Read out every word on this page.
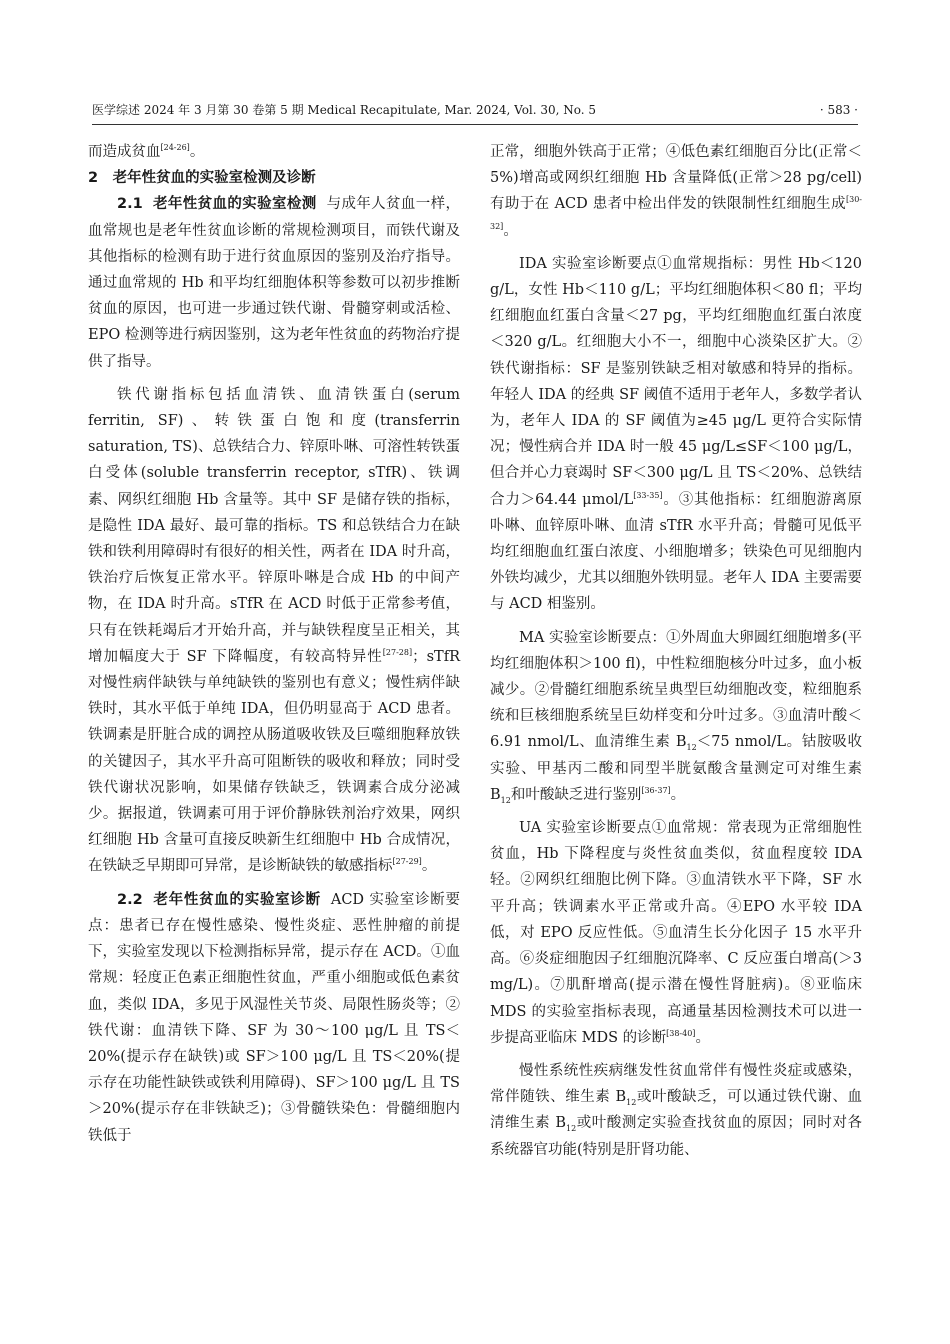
医学综述 2024 年 3 月第 30 卷第 5 期 Medical Recapitulate, Mar. 2024, Vol. 30, No. 5	· 583 ·

而造成贫血[24-26]。

2　老年性贫血的实验室检测及诊断

2.1 老年性贫血的实验室检测 与成年人贫血一样，血常规也是老年性贫血诊断的常规检测项目，而铁代谢及其他指标的检测有助于进行贫血原因的鉴别及治疗指导。通过血常规的 Hb 和平均红细胞体积等参数可以初步推断贫血的原因，也可进一步通过铁代谢、骨髓穿刺或活检、EPO 检测等进行病因鉴别，这为老年性贫血的药物治疗提供了指导。

铁代谢指标包括血清铁、血清铁蛋白(serum ferritin, SF)、转铁蛋白饱和度(transferrin saturation, TS)、总铁结合力、锌原卟啉、可溶性转铁蛋白受体(soluble transferrin receptor, sTfR)、铁调素、网织红细胞 Hb 含量等。其中 SF 是储存铁的指标，是隐性 IDA 最好、最可靠的指标。TS 和总铁结合力在缺铁和铁利用障碍时有很好的相关性，两者在 IDA 时升高，铁治疗后恢复正常水平。锌原卟啉是合成 Hb 的中间产物，在 IDA 时升高。sTfR 在 ACD 时低于正常参考值，只有在铁耗竭后才开始升高，并与缺铁程度呈正相关，其增加幅度大于 SF 下降幅度，有较高特异性[27-28]；sTfR 对慢性病伴缺铁与单纯缺铁的鉴别也有意义；慢性病伴缺铁时，其水平低于单纯 IDA，但仍明显高于 ACD 患者。铁调素是肝脏合成的调控从肠道吸收铁及巨噬细胞释放铁的关键因子，其水平升高可阻断铁的吸收和释放；同时受铁代谢状况影响，如果储存铁缺乏，铁调素合成分泌减少。据报道，铁调素可用于评价静脉铁剂治疗效果，网织红细胞 Hb 含量可直接反映新生红细胞中 Hb 合成情况，在铁缺乏早期即可异常，是诊断缺铁的敏感指标[27-29]。

2.2 老年性贫血的实验室诊断 ACD 实验室诊断要点：患者已存在慢性感染、慢性炎症、恶性肿瘤的前提下，实验室发现以下检测指标异常，提示存在 ACD。①血常规：轻度正色素正细胞性贫血，严重小细胞或低色素贫血，类似 IDA，多见于风湿性关节炎、局限性肠炎等；②铁代谢：血清铁下降、SF 为 30～100 μg/L 且 TS＜20%(提示存在缺铁)或 SF＞100 μg/L 且 TS＜20%(提示存在功能性缺铁或铁利用障碍)、SF＞100 μg/L 且 TS＞20%(提示存在非铁缺乏)；③骨髓铁染色：骨髓细胞内铁低于

正常，细胞外铁高于正常；④低色素红细胞百分比(正常＜5%)增高或网织红细胞 Hb 含量降低(正常＞28 pg/cell)有助于在 ACD 患者中检出伴发的铁限制性红细胞生成[30-32]。

IDA 实验室诊断要点①血常规指标：男性 Hb＜120 g/L，女性 Hb＜110 g/L；平均红细胞体积＜80 fl；平均红细胞血红蛋白含量＜27 pg，平均红细胞血红蛋白浓度＜320 g/L。红细胞大小不一，细胞中心淡染区扩大。②铁代谢指标：SF 是鉴别铁缺乏相对敏感和特异的指标。年轻人 IDA 的经典 SF 阈值不适用于老年人，多数学者认为，老年人 IDA 的 SF 阈值为≥45 μg/L 更符合实际情况；慢性病合并 IDA 时一般 45 μg/L≤SF＜100 μg/L，但合并心力衰竭时 SF＜300 μg/L 且 TS＜20%、总铁结合力＞64.44 μmol/L[33-35]。③其他指标：红细胞游离原卟啉、血锌原卟啉、血清 sTfR 水平升高；骨髓可见低平均红细胞血红蛋白浓度、小细胞增多；铁染色可见细胞内外铁均减少，尤其以细胞外铁明显。老年人 IDA 主要需要与 ACD 相鉴别。

MA 实验室诊断要点：①外周血大卵圆红细胞增多(平均红细胞体积＞100 fl)，中性粒细胞核分叶过多，血小板减少。②骨髓红细胞系统呈典型巨幼细胞改变，粒细胞系统和巨核细胞系统呈巨幼样变和分叶过多。③血清叶酸＜6.91 nmol/L、血清维生素 $B_{12}<75$ nmol/L。钴胺吸收实验、甲基丙二酸和同型半胱氨酸含量测定可对维生素 $B_{12}$和叶酸缺乏进行鉴别[36-37]。

UA 实验室诊断要点①血常规：常表现为正常细胞性贫血，Hb 下降程度与炎性贫血类似，贫血程度较 IDA 轻。②网织红细胞比例下降。③血清铁水平下降，SF 水平升高；铁调素水平正常或升高。④EPO 水平较 IDA 低，对 EPO 反应性低。⑤血清生长分化因子 15 水平升高。⑥炎症细胞因子红细胞沉降率、C 反应蛋白增高(＞3 mg/L)。⑦肌酐增高(提示潜在慢性肾脏病)。⑧亚临床 MDS 的实验室指标表现，高通量基因检测技术可以进一步提高亚临床 MDS 的诊断[38-40]。

慢性系统性疾病继发性贫血常伴有慢性炎症或感染，常伴随铁、维生素 $B_{12}$或叶酸缺乏，可以通过铁代谢、血清维生素 $B_{12}$或叶酸测定实验查找贫血的原因；同时对各系统器官功能(特别是肝肾功能、
